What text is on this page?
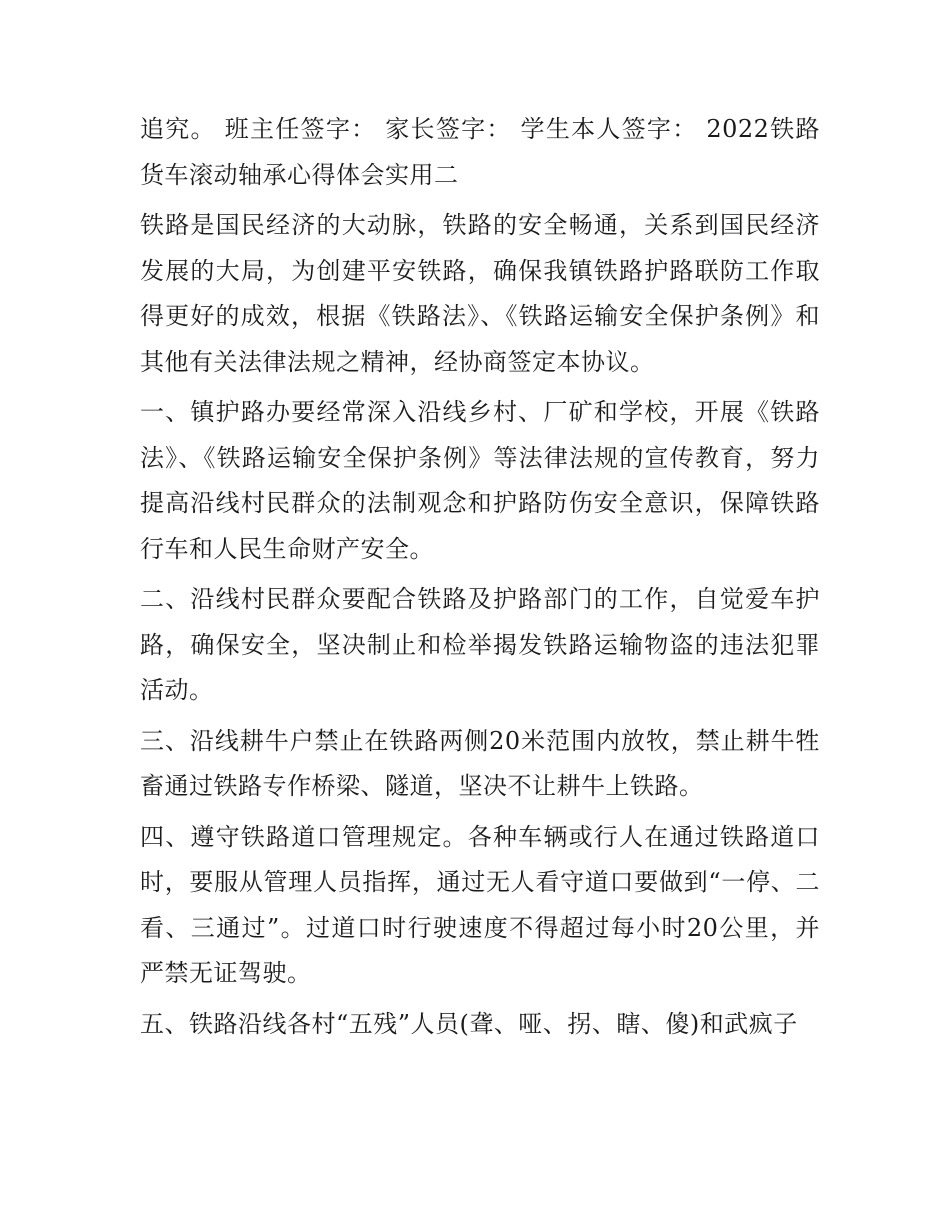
追究。 班主任签字： 家长签字： 学生本人签字： 2022铁路货车滚动轴承心得体会实用二

铁路是国民经济的大动脉，铁路的安全畅通，关系到国民经济发展的大局，为创建平安铁路，确保我镇铁路护路联防工作取得更好的成效，根据《铁路法》、《铁路运输安全保护条例》和其他有关法律法规之精神，经协商签定本协议。

一、镇护路办要经常深入沿线乡村、厂矿和学校，开展《铁路法》、《铁路运输安全保护条例》等法律法规的宣传教育，努力提高沿线村民群众的法制观念和护路防伤安全意识，保障铁路行车和人民生命财产安全。

二、沿线村民群众要配合铁路及护路部门的工作，自觉爱车护路，确保安全，坚决制止和检举揭发铁路运输物盗的违法犯罪活动。

三、沿线耕牛户禁止在铁路两侧20米范围内放牧，禁止耕牛牲畜通过铁路专作桥梁、隧道，坚决不让耕牛上铁路。

四、遵守铁路道口管理规定。各种车辆或行人在通过铁路道口时，要服从管理人员指挥，通过无人看守道口要做到“一停、二看、三通过”。过道口时行驶速度不得超过每小时20公里，并严禁无证驾驶。

五、铁路沿线各村“五残”人员(聋、哑、拐、瞎、傻)和武疯子
